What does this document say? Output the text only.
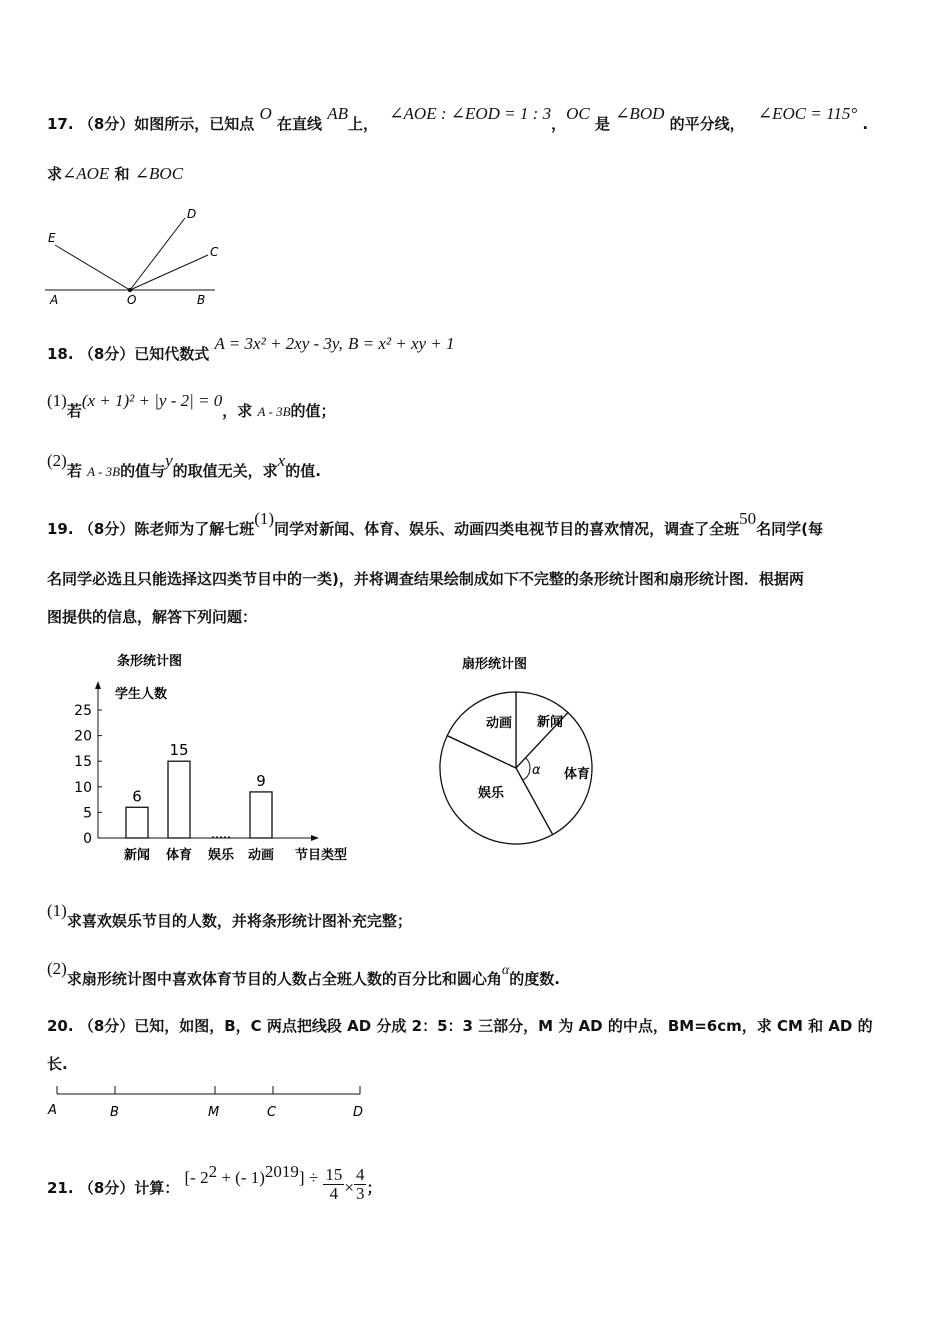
17. （8分）如图所示，已知点 O 在直线 AB上， ∠AOE : ∠EOD = 1 : 3，OC 是 ∠BOD 的平分线， ∠EOC = 115° .
求∠AOE 和 ∠BOC
E
D
C
A	O	B
18. （8分）已知代数式 A = 3x² + 2xy - 3y, B = x² + xy + 1
(1)若(x + 1)² + |y - 2| = 0，求 A - 3B的值；
(2)若 A - 3B的值与y的取值无关，求x的值.
19. （8分）陈老师为了解七班(1)同学对新闻、体育、娱乐、动画四类电视节目的喜欢情况，调查了全班50名同学(每
名同学必选且只能选择这四类节目中的一类)，并将调查结果绘制成如下不完整的条形统计图和扇形统计图．根据两
图提供的信息，解答下列问题：
条形统计图
学生人数
节目类型
0
5
10
15
20
25
6
新闻
15
体育 娱乐
9
动画
扇形统计图
新闻
体育
娱乐
动画
α
(1)求喜欢娱乐节目的人数，并将条形统计图补充完整；
(2)求扇形统计图中喜欢体育节目的人数占全班人数的百分比和圆心角α的度数.
20. （8分）已知，如图，B，C 两点把线段 AD 分成 2：5：3 三部分，M 为 AD 的中点，BM=6cm，求 CM 和 AD 的
长.
A	B	M	C	D
21. （8分）计算： [- $2^2$ + (- $1)^{2019}] \div \frac{15}{4} \times \frac{4}{3}$ ；
